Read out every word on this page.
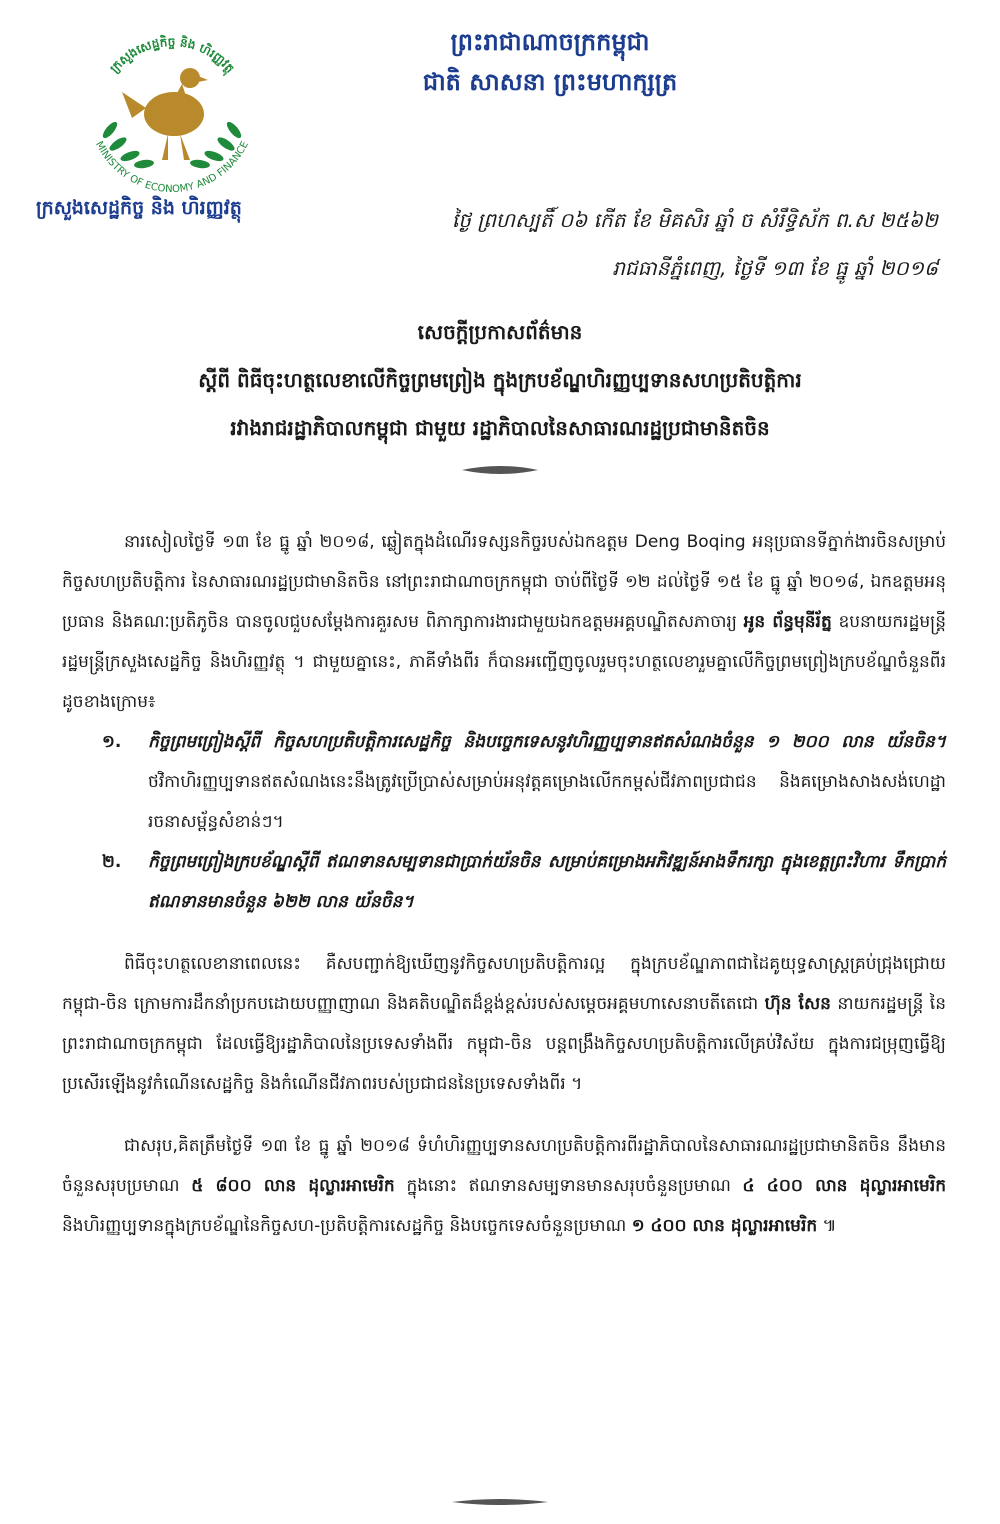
ក្រសួងសេដ្ឋកិច្ច និង ហិរញ្ញវត្ថុ
MINISTRY OF ECONOMY AND FINANCE
ក្រសួងសេដ្ឋកិច្ច និង ហិរញ្ញវត្ថុ
ព្រះរាជាណាចក្រកម្ពុជា
ជាតិ សាសនា ព្រះមហាក្សត្រ
ថ្ងៃ ព្រហស្បតិ៍ ០៦ កើត ខែ មិគសិរ ឆ្នាំ ច សំរឹទ្ធិស័ក ព.ស ២៥៦២
រាជធានីភ្នំពេញ, ថ្ងៃទី ១៣ ខែ ធ្នូ ឆ្នាំ ២០១៨
សេចក្តីប្រកាសព័ត៌មាន
ស្តីពី ពិធីចុះហត្ថលេខាលើកិច្ចព្រមព្រៀង ក្នុងក្របខ័ណ្ឌហិរញ្ញប្បទានសហប្រតិបត្តិការ
រវាងរាជរដ្ឋាភិបាលកម្ពុជា ជាមួយ រដ្ឋាភិបាលនៃសាធារណរដ្ឋប្រជាមានិតចិន

នារសៀលថ្ងៃទី ១៣ ខែ ធ្នូ ឆ្នាំ ២០១៨, ឆ្លៀតក្នុងដំណើរទស្សនកិច្ចរបស់ឯកឧត្តម Deng Boqing អនុប្រធានទីភ្នាក់ងារចិនសម្រាប់កិច្ចសហប្រតិបត្តិការ នៃសាធារណរដ្ឋប្រជាមានិតចិន នៅព្រះរាជាណាចក្រកម្ពុជា ចាប់ពីថ្ងៃទី ១២ ដល់ថ្ងៃទី ១៥ ខែ ធ្នូ ឆ្នាំ ២០១៨, ឯកឧត្តមអនុប្រធាន និងគណៈប្រតិភូចិន បានចូលជួបសម្តែងការគួរសម ពិភាក្សាការងារជាមួយឯកឧត្តមអគ្គបណ្ឌិតសភាចារ្យ អូន ព័ន្ធមុនីរ័ត្ន ឧបនាយករដ្ឋមន្ត្រី រដ្ឋមន្ត្រីក្រសួងសេដ្ឋកិច្ច និងហិរញ្ញវត្ថុ ។ ជាមួយគ្នានេះ, ភាគីទាំងពីរ ក៏បានអញ្ជើញចូលរួមចុះហត្ថលេខារួមគ្នាលើកិច្ចព្រមព្រៀងក្របខ័ណ្ឌចំនួនពីរដូចខាងក្រោម៖

១. កិច្ចព្រមព្រៀងស្តីពី កិច្ចសហប្រតិបត្តិការសេដ្ឋកិច្ច និងបច្ចេកទេសនូវហិរញ្ញប្បទានឥតសំណងចំនួន ១ ២០០ លាន យ័នចិន។ ថវិកាហិរញ្ញប្បទានឥតសំណងនេះនឹងត្រូវប្រើប្រាស់សម្រាប់អនុវត្តគម្រោងលើកកម្ពស់ជីវភាពប្រជាជន និងគម្រោងសាងសង់ហេដ្ឋារចនាសម្ព័ន្ធសំខាន់ៗ។
២. កិច្ចព្រមព្រៀងក្របខ័ណ្ឌស្តីពី ឥណទានសម្បទានជាប្រាក់យ័នចិន សម្រាប់គម្រោងអភិវឌ្ឍន៍អាងទឹករក្សា ក្នុងខេត្តព្រះវិហារ ទឹកប្រាក់ឥណទានមានចំនួន ៦២២ លាន យ័នចិន។

ពិធីចុះហត្ថលេខានាពេលនេះ គឺសបញ្ជាក់ឱ្យឃើញនូវកិច្ចសហប្រតិបត្តិការល្អ ក្នុងក្របខ័ណ្ឌភាពជាដៃគូយុទ្ធសាស្ត្រគ្រប់ជ្រុងជ្រោយ កម្ពុជា-ចិន ក្រោមការដឹកនាំប្រកបដោយបញ្ញាញាណ និងគតិបណ្ឌិតដ៏ខ្ពង់ខ្ពស់របស់សម្តេចអគ្គមហាសេនាបតីតេជោ ហ៊ុន សែន នាយករដ្ឋមន្ត្រី នៃព្រះរាជាណាចក្រកម្ពុជា ដែលធ្វើឱ្យរដ្ឋាភិបាលនៃប្រទេសទាំងពីរ កម្ពុជា-ចិន បន្តពង្រឹងកិច្ចសហប្រតិបត្តិការលើគ្រប់វិស័យ ក្នុងការជម្រុញធ្វើឱ្យប្រសើរឡើងនូវកំណើនសេដ្ឋកិច្ច និងកំណើនជីវភាពរបស់ប្រជាជននៃប្រទេសទាំងពីរ ។

ជាសរុប,គិតត្រឹមថ្ងៃទី ១៣ ខែ ធ្នូ ឆ្នាំ ២០១៨ ទំហំហិរញ្ញប្បទានសហប្រតិបត្តិការពីរដ្ឋាភិបាលនៃសាធារណរដ្ឋប្រជាមានិតចិន នឹងមានចំនួនសរុបប្រមាណ ៥ ៨០០ លាន ដុល្លារអាមេរិក ក្នុងនោះ ឥណទានសម្បទានមានសរុបចំនួនប្រមាណ ៤ ៤០០ លាន ដុល្លារអាមេរិក និងហិរញ្ញប្បទានក្នុងក្របខ័ណ្ឌនៃកិច្ចសហ-ប្រតិបត្តិការសេដ្ឋកិច្ច និងបច្ចេកទេសចំនួនប្រមាណ ១ ៤០០ លាន ដុល្លារអាមេរិក ៕
